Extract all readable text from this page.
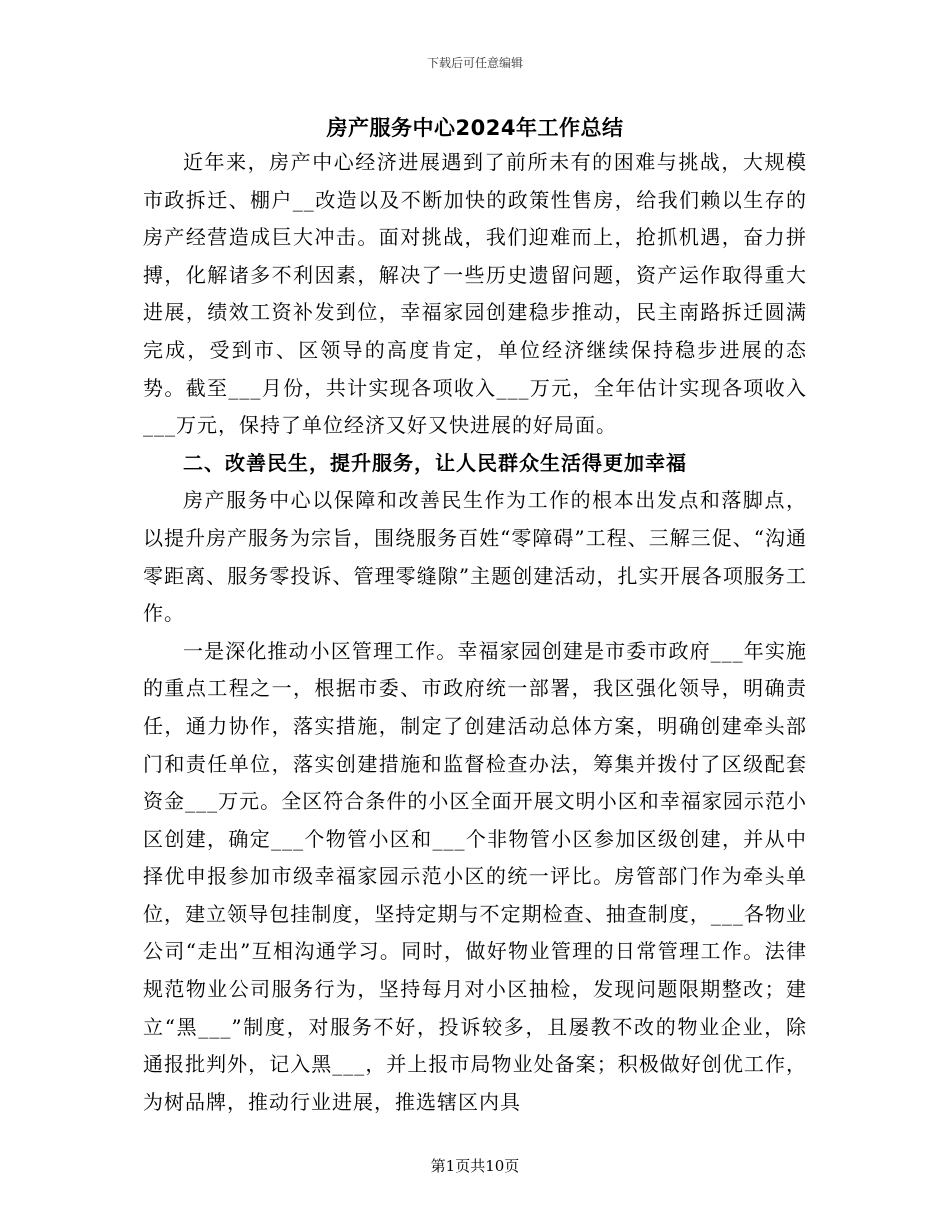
下载后可任意编辑
房产服务中心2024年工作总结

近年来，房产中心经济进展遇到了前所未有的困难与挑战，大规模市政拆迁、棚户__改造以及不断加快的政策性售房，给我们赖以生存的房产经营造成巨大冲击。面对挑战，我们迎难而上，抢抓机遇，奋力拼搏，化解诸多不利因素，解决了一些历史遗留问题，资产运作取得重大进展，绩效工资补发到位，幸福家园创建稳步推动，民主南路拆迁圆满完成，受到市、区领导的高度肯定，单位经济继续保持稳步进展的态势。截至___月份，共计实现各项收入___万元，全年估计实现各项收入___万元，保持了单位经济又好又快进展的好局面。

二、改善民生，提升服务，让人民群众生活得更加幸福

房产服务中心以保障和改善民生作为工作的根本出发点和落脚点，以提升房产服务为宗旨，围绕服务百姓“零障碍”工程、三解三促、“沟通零距离、服务零投诉、管理零缝隙”主题创建活动，扎实开展各项服务工作。

一是深化推动小区管理工作。幸福家园创建是市委市政府___年实施的重点工程之一，根据市委、市政府统一部署，我区强化领导，明确责任，通力协作，落实措施，制定了创建活动总体方案，明确创建牵头部门和责任单位，落实创建措施和监督检查办法，筹集并拨付了区级配套资金___万元。全区符合条件的小区全面开展文明小区和幸福家园示范小区创建，确定___个物管小区和___个非物管小区参加区级创建，并从中择优申报参加市级幸福家园示范小区的统一评比。房管部门作为牵头单位，建立领导包挂制度，坚持定期与不定期检查、抽查制度，___各物业公司“走出”互相沟通学习。同时，做好物业管理的日常管理工作。法律规范物业公司服务行为，坚持每月对小区抽检，发现问题限期整改；建立“黑___”制度，对服务不好，投诉较多，且屡教不改的物业企业，除通报批判外，记入黑___，并上报市局物业处备案；积极做好创优工作，为树品牌，推动行业进展，推选辖区内具

第1页共10页
